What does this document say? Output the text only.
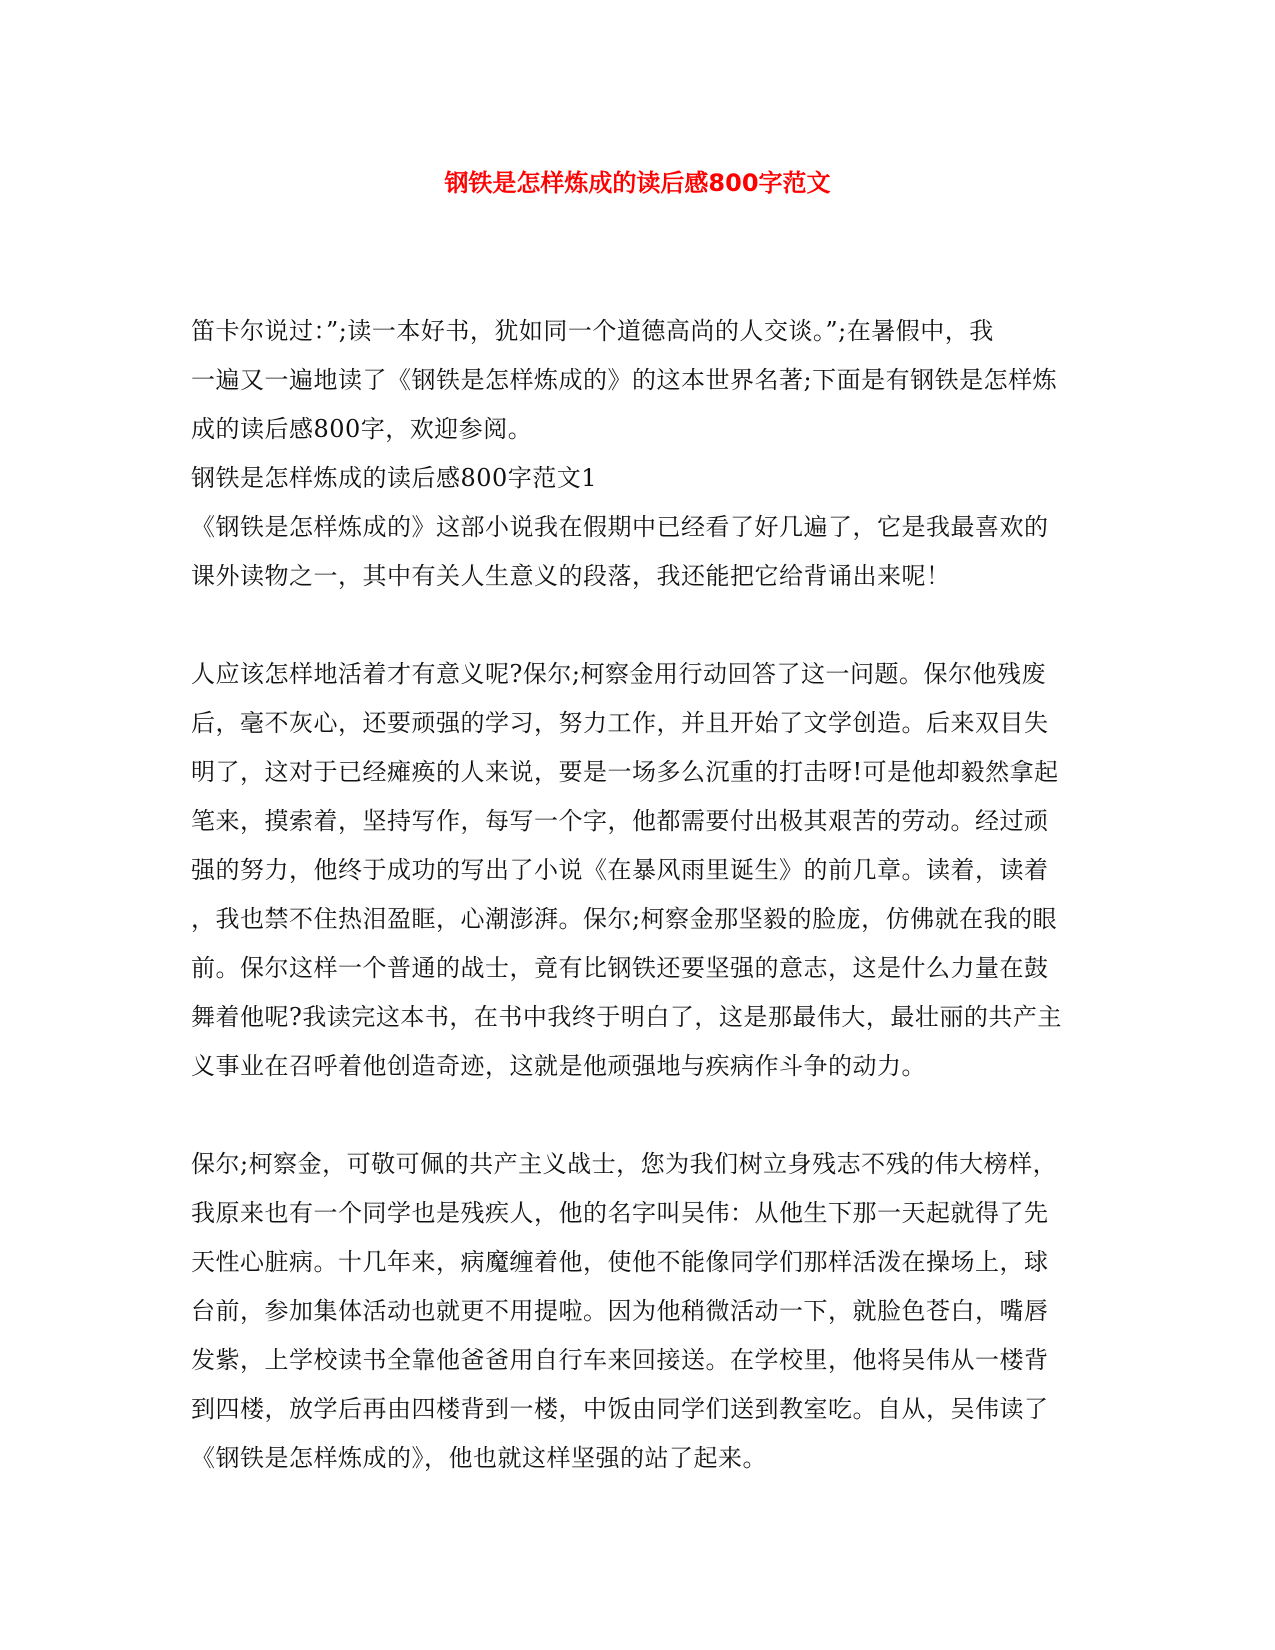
钢铁是怎样炼成的读后感800字范文
笛卡尔说过：”;读一本好书，犹如同一个道德高尚的人交谈。”;在暑假中，我
一遍又一遍地读了《钢铁是怎样炼成的》的这本世界名著;下面是有钢铁是怎样炼
成的读后感800字，欢迎参阅。
钢铁是怎样炼成的读后感800字范文1
《钢铁是怎样炼成的》这部小说我在假期中已经看了好几遍了，它是我最喜欢的
课外读物之一，其中有关人生意义的段落，我还能把它给背诵出来呢！
人应该怎样地活着才有意义呢?保尔;柯察金用行动回答了这一问题。保尔他残废
后，毫不灰心，还要顽强的学习，努力工作，并且开始了文学创造。后来双目失
明了，这对于已经瘫痪的人来说，要是一场多么沉重的打击呀!可是他却毅然拿起
笔来，摸索着，坚持写作，每写一个字，他都需要付出极其艰苦的劳动。经过顽
强的努力，他终于成功的写出了小说《在暴风雨里诞生》的前几章。读着，读着
，我也禁不住热泪盈眶，心潮澎湃。保尔;柯察金那坚毅的脸庞，仿佛就在我的眼
前。保尔这样一个普通的战士，竟有比钢铁还要坚强的意志，这是什么力量在鼓
舞着他呢?我读完这本书，在书中我终于明白了，这是那最伟大，最壮丽的共产主
义事业在召呼着他创造奇迹，这就是他顽强地与疾病作斗争的动力。
保尔;柯察金，可敬可佩的共产主义战士，您为我们树立身残志不残的伟大榜样，
我原来也有一个同学也是残疾人，他的名字叫吴伟：从他生下那一天起就得了先
天性心脏病。十几年来，病魔缠着他，使他不能像同学们那样活泼在操场上，球
台前，参加集体活动也就更不用提啦。因为他稍微活动一下，就脸色苍白，嘴唇
发紫，上学校读书全靠他爸爸用自行车来回接送。在学校里，他将吴伟从一楼背
到四楼，放学后再由四楼背到一楼，中饭由同学们送到教室吃。自从，吴伟读了
《钢铁是怎样炼成的》，他也就这样坚强的站了起来。
